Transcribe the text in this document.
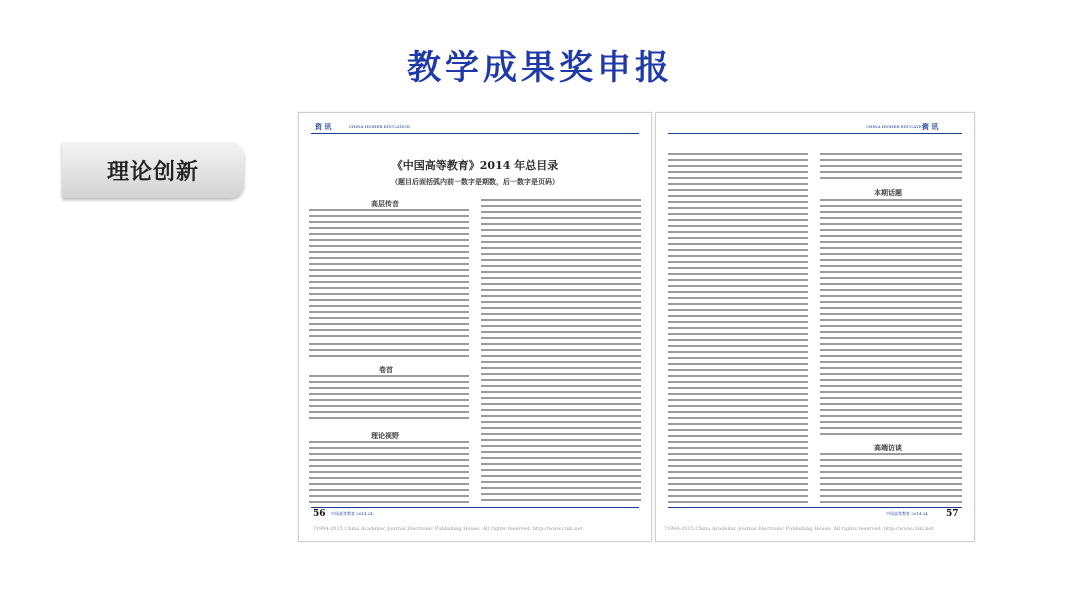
教学成果奖申报
理论创新
资 讯	CHINA HIGHER EDUCATION
《中国高等教育》2014 年总目录
（题目后面括弧内前一数字是期数，后一数字是页码）
高层传音
卷首
理论视野
56 中国高等教育 2014.24
?1994-2015 China Academic Journal Electronic Publishing House. All rights reserved. http://www.cnki.net
CHINA HIGHER EDUCATION
资 讯
本期话题
高端访谈
中国高等教育 2014.24 57
?1994-2015 China Academic Journal Electronic Publishing House. All rights reserved. http://www.cnki.net
